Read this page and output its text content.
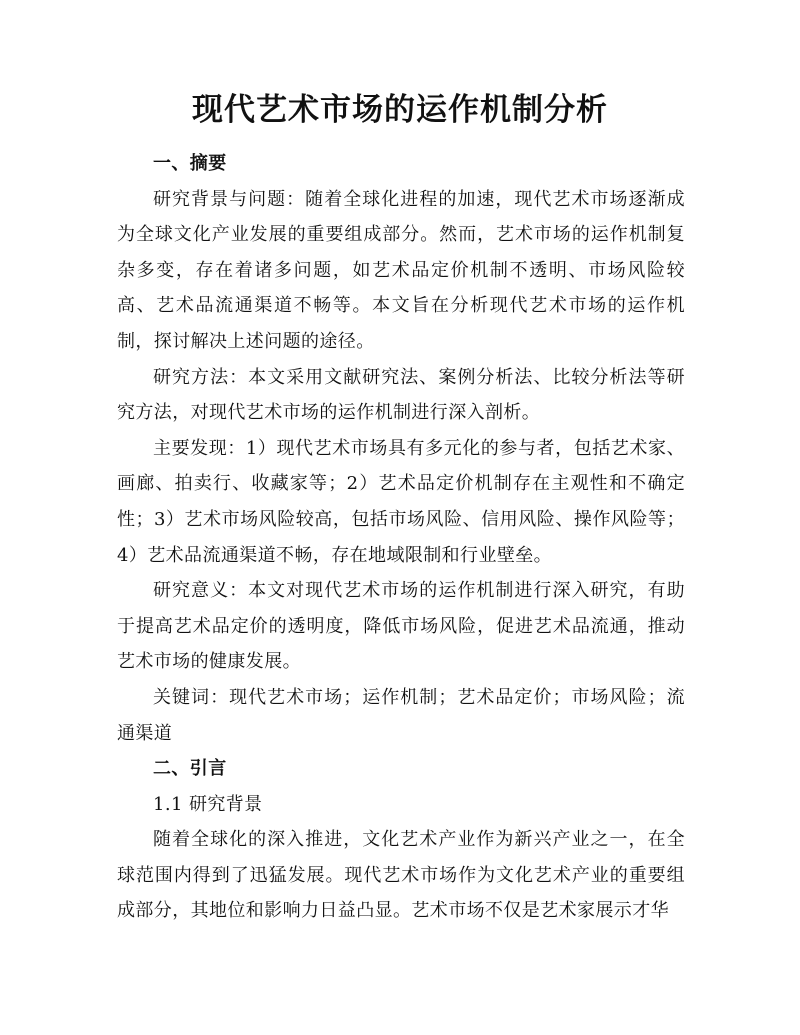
现代艺术市场的运作机制分析
一、摘要

研究背景与问题：随着全球化进程的加速，现代艺术市场逐渐成为全球文化产业发展的重要组成部分。然而，艺术市场的运作机制复杂多变，存在着诸多问题，如艺术品定价机制不透明、市场风险较高、艺术品流通渠道不畅等。本文旨在分析现代艺术市场的运作机制，探讨解决上述问题的途径。

研究方法：本文采用文献研究法、案例分析法、比较分析法等研究方法，对现代艺术市场的运作机制进行深入剖析。

主要发现：1）现代艺术市场具有多元化的参与者，包括艺术家、画廊、拍卖行、收藏家等；2）艺术品定价机制存在主观性和不确定性；3）艺术市场风险较高，包括市场风险、信用风险、操作风险等；4）艺术品流通渠道不畅，存在地域限制和行业壁垒。

研究意义：本文对现代艺术市场的运作机制进行深入研究，有助于提高艺术品定价的透明度，降低市场风险，促进艺术品流通，推动艺术市场的健康发展。

关键词：现代艺术市场；运作机制；艺术品定价；市场风险；流通渠道

二、引言

1.1 研究背景

随着全球化的深入推进，文化艺术产业作为新兴产业之一，在全球范围内得到了迅猛发展。现代艺术市场作为文化艺术产业的重要组成部分，其地位和影响力日益凸显。艺术市场不仅是艺术家展示才华
